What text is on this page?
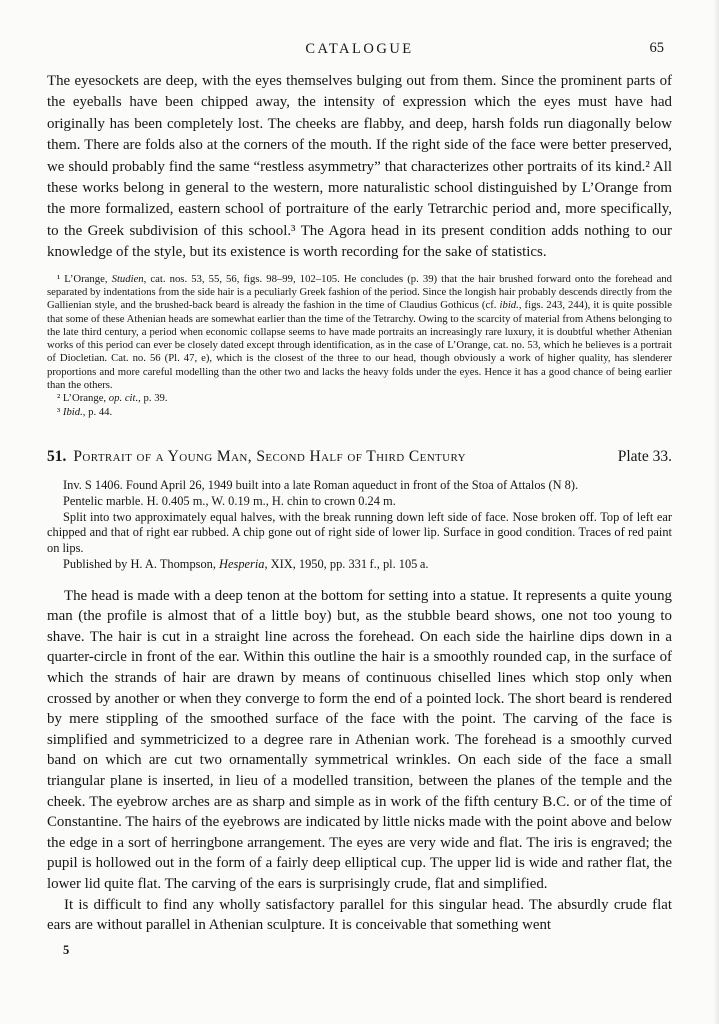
CATALOGUE	65

The eyesockets are deep, with the eyes themselves bulging out from them. Since the prominent parts of the eyeballs have been chipped away, the intensity of expression which the eyes must have had originally has been completely lost. The cheeks are flabby, and deep, harsh folds run diagonally below them. There are folds also at the corners of the mouth. If the right side of the face were better preserved, we should probably find the same “restless asymmetry” that characterizes other portraits of its kind.² All these works belong in general to the western, more naturalistic school distinguished by L’Orange from the more formalized, eastern school of portraiture of the early Tetrarchic period and, more specifically, to the Greek subdivision of this school.³ The Agora head in its present condition adds nothing to our knowledge of the style, but its existence is worth recording for the sake of statistics.

¹ L’Orange, Studien, cat. nos. 53, 55, 56, figs. 98–99, 102–105. He concludes (p. 39) that the hair brushed forward onto the forehead and separated by indentations from the side hair is a peculiarly Greek fashion of the period. Since the longish hair probably descends directly from the Gallienian style, and the brushed-back beard is already the fashion in the time of Claudius Gothicus (cf. ibid., figs. 243, 244), it is quite possible that some of these Athenian heads are somewhat earlier than the time of the Tetrarchy. Owing to the scarcity of material from Athens belonging to the late third century, a period when economic collapse seems to have made portraits an increasingly rare luxury, it is doubtful whether Athenian works of this period can ever be closely dated except through identification, as in the case of L’Orange, cat. no. 53, which he believes is a portrait of Diocletian. Cat. no. 56 (Pl. 47, e), which is the closest of the three to our head, though obviously a work of higher quality, has slenderer proportions and more careful modelling than the other two and lacks the heavy folds under the eyes. Hence it has a good chance of being earlier than the others.

² L’Orange, op. cit., p. 39.

³ Ibid., p. 44.

51. Portrait of a Young Man, Second Half of Third Century	Plate 33.

Inv. S 1406. Found April 26, 1949 built into a late Roman aqueduct in front of the Stoa of Attalos (N 8).

Pentelic marble. H. 0.405 m., W. 0.19 m., H. chin to crown 0.24 m.

Split into two approximately equal halves, with the break running down left side of face. Nose broken off. Top of left ear chipped and that of right ear rubbed. A chip gone out of right side of lower lip. Surface in good condition. Traces of red paint on lips.

Published by H. A. Thompson, Hesperia, XIX, 1950, pp. 331 f., pl. 105 a.

The head is made with a deep tenon at the bottom for setting into a statue. It represents a quite young man (the profile is almost that of a little boy) but, as the stubble beard shows, one not too young to shave. The hair is cut in a straight line across the forehead. On each side the hairline dips down in a quarter-circle in front of the ear. Within this outline the hair is a smoothly rounded cap, in the surface of which the strands of hair are drawn by means of continuous chiselled lines which stop only when crossed by another or when they converge to form the end of a pointed lock. The short beard is rendered by mere stippling of the smoothed surface of the face with the point. The carving of the face is simplified and symmetricized to a degree rare in Athenian work. The forehead is a smoothly curved band on which are cut two ornamentally symmetrical wrinkles. On each side of the face a small triangular plane is inserted, in lieu of a modelled transition, between the planes of the temple and the cheek. The eyebrow arches are as sharp and simple as in work of the fifth century B.C. or of the time of Constantine. The hairs of the eyebrows are indicated by little nicks made with the point above and below the edge in a sort of herringbone arrangement. The eyes are very wide and flat. The iris is engraved; the pupil is hollowed out in the form of a fairly deep elliptical cup. The upper lid is wide and rather flat, the lower lid quite flat. The carving of the ears is surprisingly crude, flat and simplified.

It is difficult to find any wholly satisfactory parallel for this singular head. The absurdly crude flat ears are without parallel in Athenian sculpture. It is conceivable that something went

5
